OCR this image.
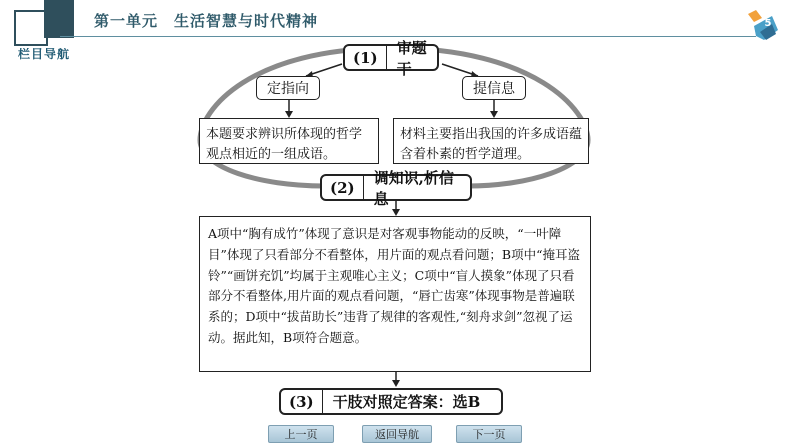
第一单元 生活智慧与时代精神	5
栏目导航	(1)
审题干
定指向	提信息
本题要求辨识所体现的哲学观点相近的一组成语。
材料主要指出我国的许多成语蕴含着朴素的哲学道理。
(2)
调知识,析信息
A项中“胸有成竹”体现了意识是对客观事物能动的反映，“一叶障目”体现了只看部分不看整体，用片面的观点看问题；B项中“掩耳盗铃”“画饼充饥”均属于主观唯心主义；C项中“盲人摸象”体现了只看部分不看整体,用片面的观点看问题，“唇亡齿寒”体现事物是普遍联系的；D项中“拔苗助长”违背了规律的客观性,“刻舟求剑”忽视了运动。据此知，B项符合题意。
(3)	干肢对照定答案：选B
上一页	返回导航	下一页
